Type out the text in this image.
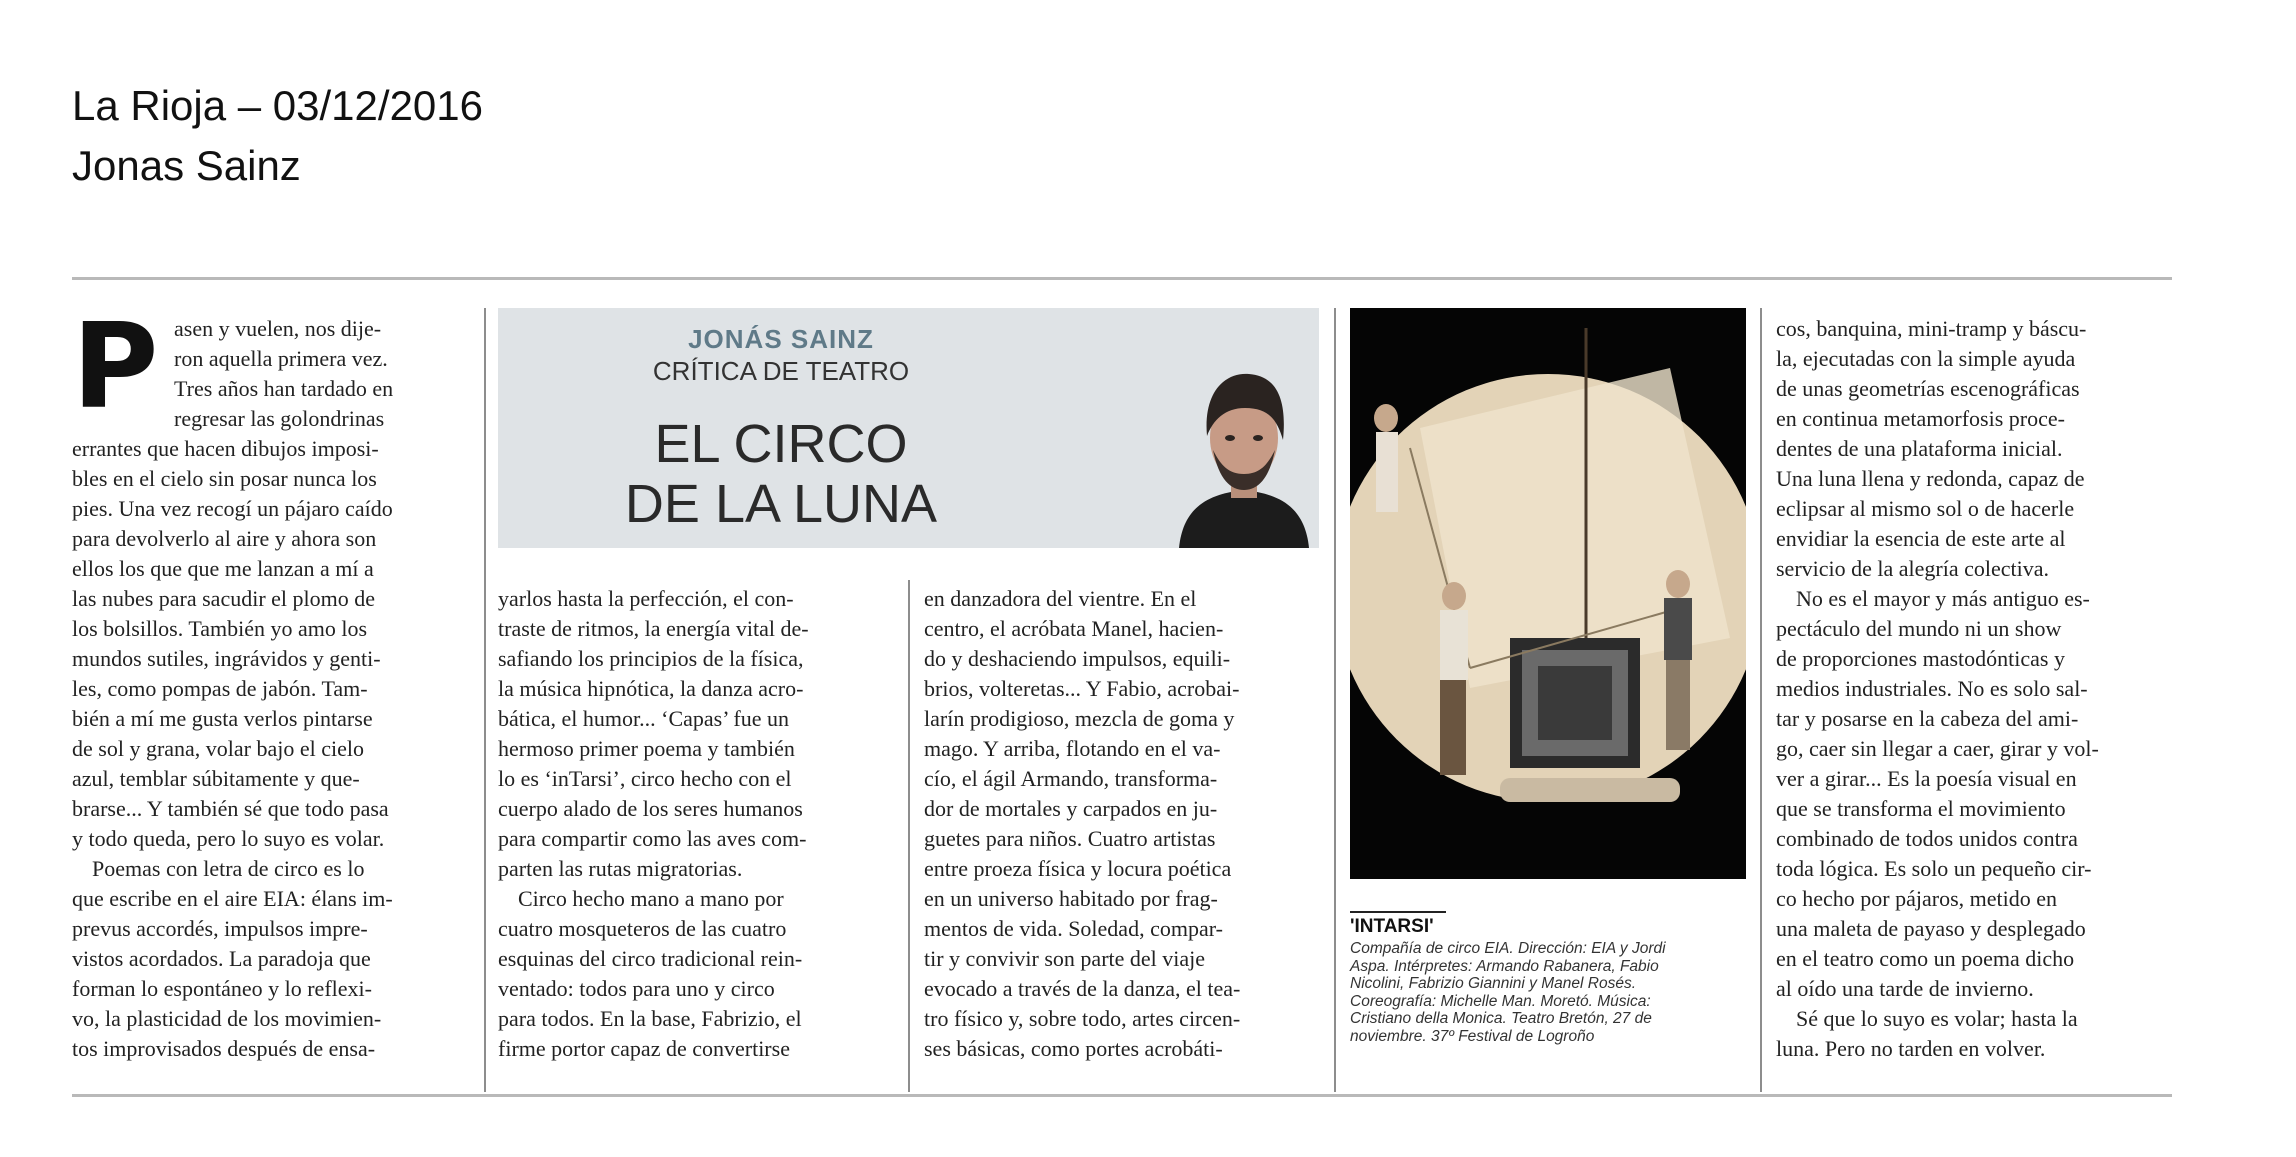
La Rioja – 03/12/2016
Jonas Sainz
P asen y vuelen, nos dije-

ron aquella primera vez.

Tres años han tardado en

regresar las golondrinas

errantes que hacen dibujos imposi-

bles en el cielo sin posar nunca los

pies. Una vez recogí un pájaro caído

para devolverlo al aire y ahora son

ellos los que que me lanzan a mí a

las nubes para sacudir el plomo de

los bolsillos. También yo amo los

mundos sutiles, ingrávidos y genti-

les, como pompas de jabón. Tam-

bién a mí me gusta verlos pintarse

de sol y grana, volar bajo el cielo

azul, temblar súbitamente y que-

brarse... Y también sé que todo pasa

y todo queda, pero lo suyo es volar.

Poemas con letra de circo es lo

que escribe en el aire EIA: élans im-

prevus accordés, impulsos impre-

vistos acordados. La paradoja que

forman lo espontáneo y lo reflexi-

vo, la plasticidad de los movimien-

tos improvisados después de ensa-

JONÁS SAINZ
CRÍTICA DE TEATRO
EL CIRCO
DE LA LUNA

yarlos hasta la perfección, el con-

traste de ritmos, la energía vital de-

safiando los principios de la física,

la música hipnótica, la danza acro-

bática, el humor... ‘Capas’ fue un

hermoso primer poema y también

lo es ‘inTarsi’, circo hecho con el

cuerpo alado de los seres humanos

para compartir como las aves com-

parten las rutas migratorias.

Circo hecho mano a mano por

cuatro mosqueteros de las cuatro

esquinas del circo tradicional rein-

ventado: todos para uno y circo

para todos. En la base, Fabrizio, el

firme portor capaz de convertirse

en danzadora del vientre. En el

centro, el acróbata Manel, hacien-

do y deshaciendo impulsos, equili-

brios, volteretas... Y Fabio, acrobai-

larín prodigioso, mezcla de goma y

mago. Y arriba, flotando en el va-

cío, el ágil Armando, transforma-

dor de mortales y carpados en ju-

guetes para niños. Cuatro artistas

entre proeza física y locura poética

en un universo habitado por frag-

mentos de vida. Soledad, compar-

tir y convivir son parte del viaje

evocado a través de la danza, el tea-

tro físico y, sobre todo, artes circen-

ses básicas, como portes acrobáti-

'INTARSI'

Compañía de circo EIA. Dirección: EIA y Jordi

Aspa. Intérpretes: Armando Rabanera, Fabio

Nicolini, Fabrizio Giannini y Manel Rosés.

Coreografía: Michelle Man. Moretó. Música:

Cristiano della Monica. Teatro Bretón, 27 de

noviembre. 37º Festival de Logroño

cos, banquina, mini-tramp y báscu-

la, ejecutadas con la simple ayuda

de unas geometrías escenográficas

en continua metamorfosis proce-

dentes de una plataforma inicial.

Una luna llena y redonda, capaz de

eclipsar al mismo sol o de hacerle

envidiar la esencia de este arte al

servicio de la alegría colectiva.

No es el mayor y más antiguo es-

pectáculo del mundo ni un show

de proporciones mastodónticas y

medios industriales. No es solo sal-

tar y posarse en la cabeza del ami-

go, caer sin llegar a caer, girar y vol-

ver a girar... Es la poesía visual en

que se transforma el movimiento

combinado de todos unidos contra

toda lógica. Es solo un pequeño cir-

co hecho por pájaros, metido en

una maleta de payaso y desplegado

en el teatro como un poema dicho

al oído una tarde de invierno.

Sé que lo suyo es volar; hasta la

luna. Pero no tarden en volver.
